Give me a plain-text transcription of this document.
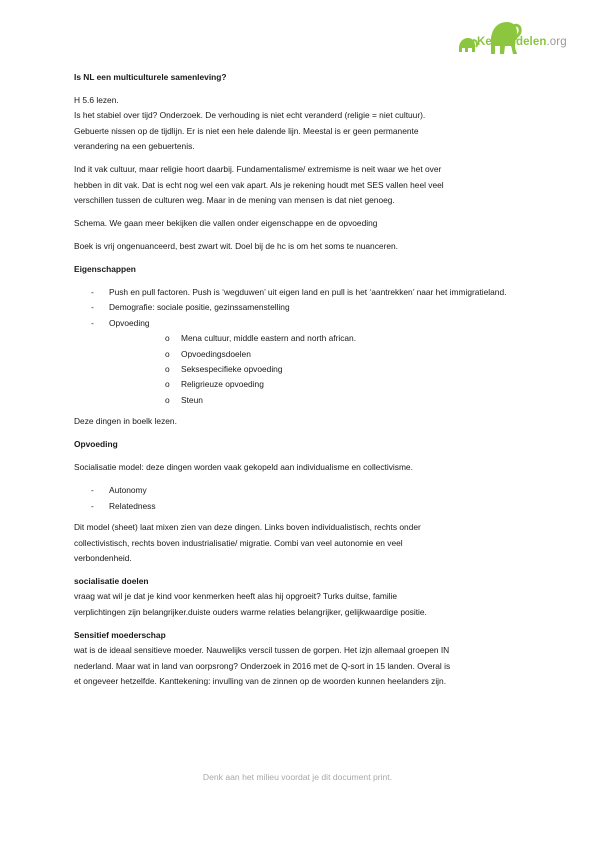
Kennisdelen.org

Is NL een multiculturele samenleving?

H 5.6 lezen.
Is het stabiel over tijd? Onderzoek. De verhouding is niet echt veranderd (religie = niet cultuur).
Gebuerte nissen op de tijdlijn. Er is niet een hele dalende lijn. Meestal is er geen permanente
verandering na een gebuertenis.

Ind it vak cultuur, maar religie hoort daarbij. Fundamentalisme/ extremisme is neit waar we het over
hebben in dit vak. Dat is echt nog wel een vak apart. Als je rekening houdt met SES vallen heel veel
verschillen tussen de culturen weg. Maar in de mening van mensen is dat niet genoeg.

Schema. We gaan meer bekijken die vallen onder eigenschappe en de opvoeding

Boek is vrij ongenuanceerd, best zwart wit. Doel bij de hc is om het soms te nuanceren.

Eigenschappen

- Push en pull factoren. Push is ‘wegduwen’ uit eigen land en pull is het ‘aantrekken’ naar het immigratieland.
- Demografie: sociale positie, gezinssamenstelling
- Opvoeding
o Mena cultuur, middle eastern and north african.
o Opvoedingsdoelen
o Seksespecifieke opvoeding
o Religrieuze opvoeding
o Steun

Deze dingen in boelk lezen.

Opvoeding

Socialisatie model: deze dingen worden vaak gekopeld aan individualisme en collectivisme.

- Autonomy
- Relatedness

Dit model (sheet) laat mixen zien van deze dingen. Links boven individualistisch, rechts onder
collectivistisch, rechts boven industrialisatie/ migratie. Combi van veel autonomie en veel
verbondenheid.

socialisatie doelen

vraag wat wil je dat je kind voor kenmerken heeft alas hij opgroeit? Turks duitse, familie
verplichtingen zijn belangrijker.duiste ouders warme relaties belangrijker, gelijkwaardige positie.

Sensitief moederschap

wat is de ideaal sensitieve moeder. Nauwelijks verscil tussen de gorpen. Het izjn allemaal groepen IN
nederland. Maar wat in land van oorpsrong? Onderzoek in 2016 met de Q-sort in 15 landen. Overal is
et ongeveer hetzelfde. Kanttekening: invulling van de zinnen op de woorden kunnen heelanders zijn.

Denk aan het milieu voordat je dit document print.
